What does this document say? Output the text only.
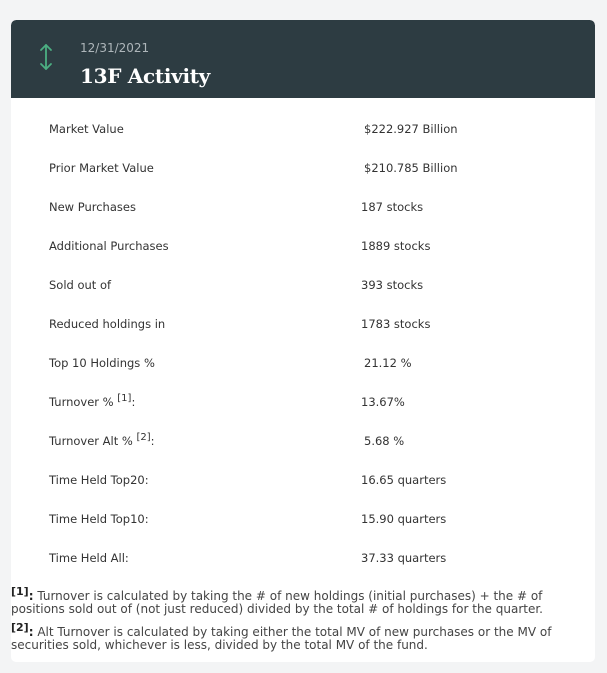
12/31/2021
13F Activity
Market Value	$222.927 Billion
Prior Market Value	$210.785 Billion
New Purchases	187 stocks
Additional Purchases	1889 stocks
Sold out of	393 stocks
Reduced holdings in	1783 stocks
Top 10 Holdings %	21.12 %
Turnover % [1]:	13.67%
Turnover Alt % [2]:	5.68 %
Time Held Top20:	16.65 quarters
Time Held Top10:	15.90 quarters
Time Held All:	37.33 quarters
[1]: Turnover is calculated by taking the # of new holdings (initial purchases) + the # of positions sold out of (not just reduced) divided by the total # of holdings for the quarter.
[2]: Alt Turnover is calculated by taking either the total MV of new purchases or the MV of securities sold, whichever is less, divided by the total MV of the fund.
